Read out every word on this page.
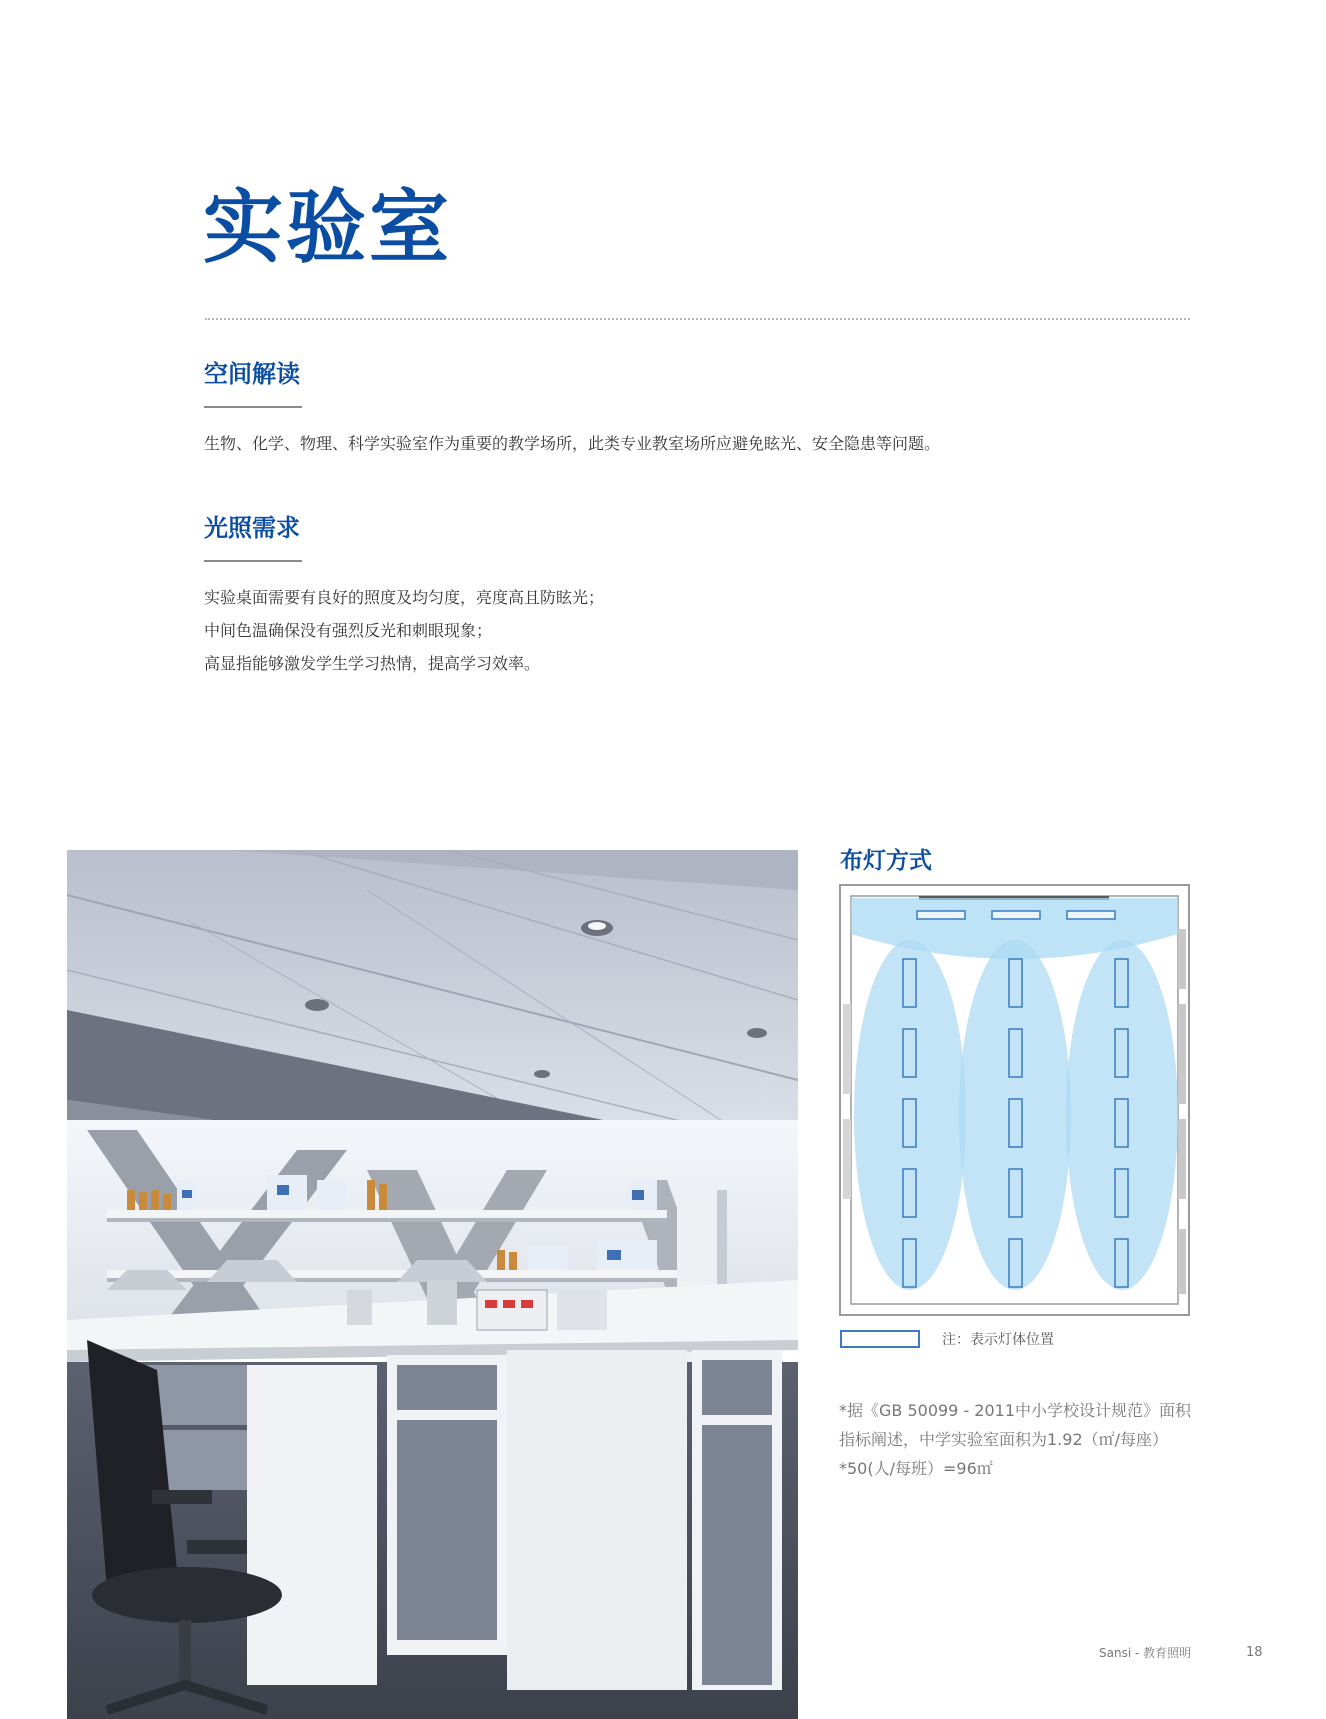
实验室
空间解读
生物、化学、物理、科学实验室作为重要的教学场所，此类专业教室场所应避免眩光、安全隐患等问题。
光照需求
实验桌面需要有良好的照度及均匀度，亮度高且防眩光；
中间色温确保没有强烈反光和刺眼现象；
高显指能够激发学生学习热情，提高学习效率。
布灯方式
注：表示灯体位置
*据《GB 50099 - 2011中小学校设计规范》面积指标阐述，中学实验室面积为1.92（㎡/每座）*50(人/每班）=96㎡
Sansi - 教育照明	18
